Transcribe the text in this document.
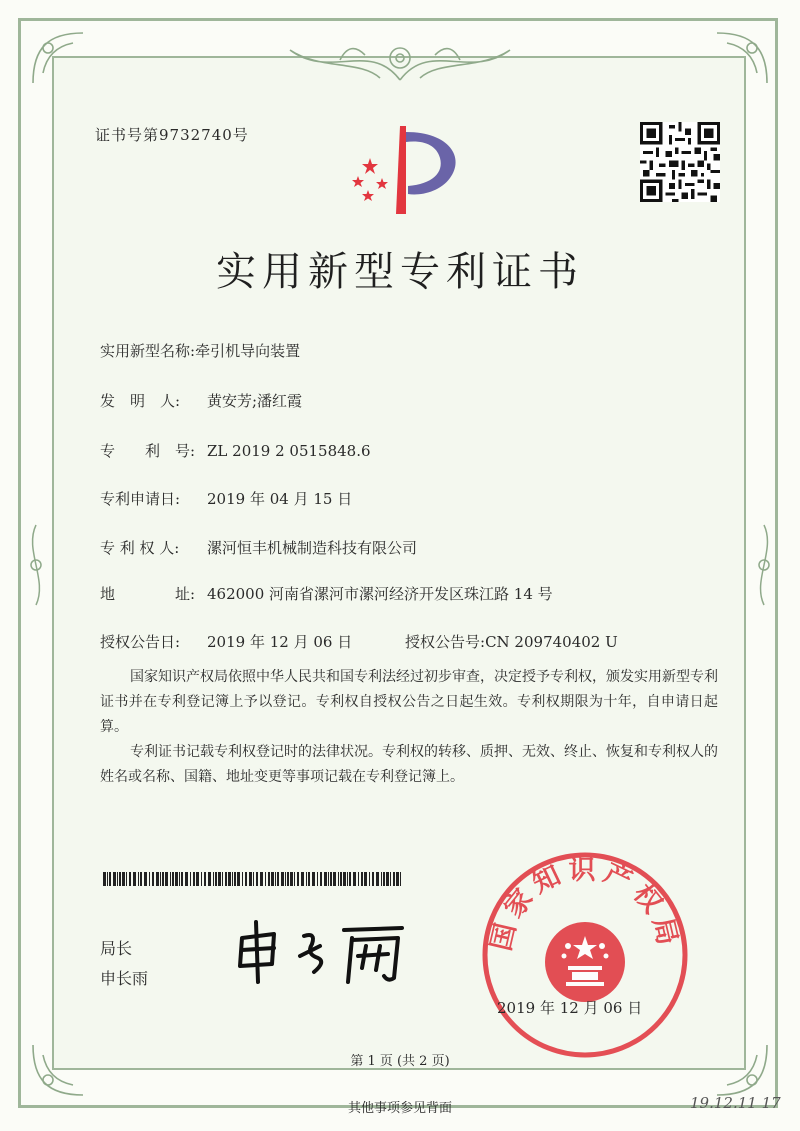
证书号第9732740号
实用新型专利证书
实用新型名称:牵引机导向装置
发　明　人: 黄安芳;潘红霞
专　　利　号: ZL 2019 2 0515848.6
专利申请日: 2019 年 04 月 15 日
专 利 权 人: 漯河恒丰机械制造科技有限公司
地　　　　址: 462000 河南省漯河市漯河经济开发区珠江路 14 号
授权公告日: 2019 年 12 月 06 日	授权公告号:CN 209740402 U
国家知识产权局依照中华人民共和国专利法经过初步审查，决定授予专利权，颁发实用新型专利证书并在专利登记簿上予以登记。专利权自授权公告之日起生效。专利权期限为十年，自申请日起算。
专利证书记载专利权登记时的法律状况。专利权的转移、质押、无效、终止、恢复和专利权人的姓名或名称、国籍、地址变更等事项记载在专利登记簿上。
局长
申长雨
国家知识产权局
2019 年 12 月 06 日
第 1 页 (共 2 页)
其他事项参见背面	19.12.11 17
